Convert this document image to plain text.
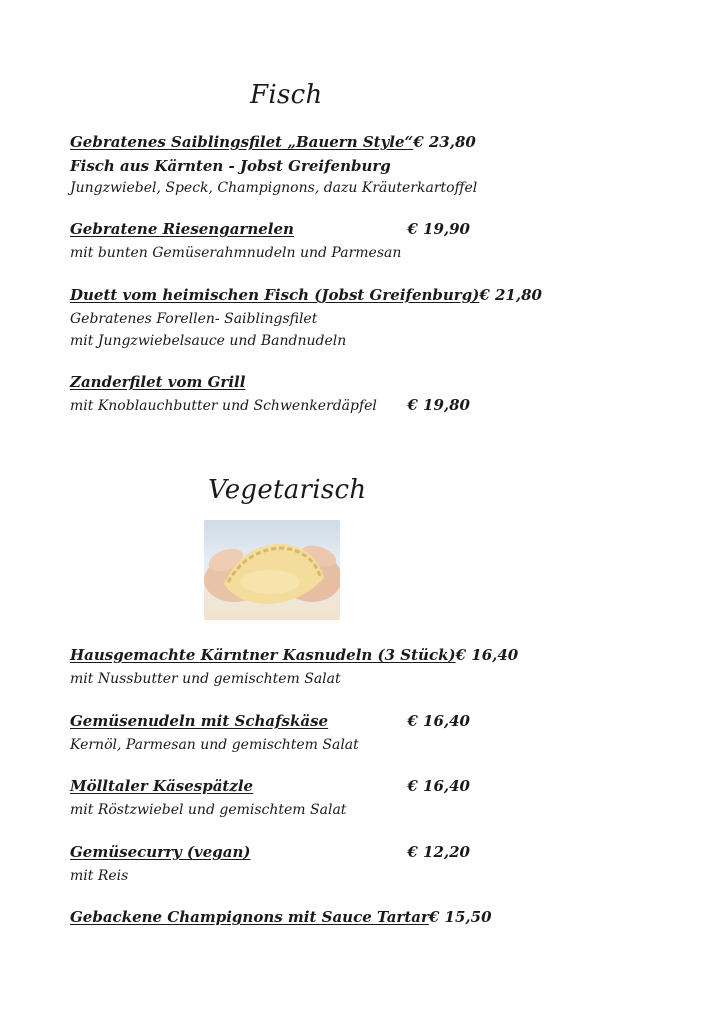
Fisch
Gebratenes Saiblingsfilet „Bauern Style“ € 23,80
Fisch aus Kärnten - Jobst Greifenburg
Jungzwiebel, Speck, Champignons, dazu Kräuterkartoffel
Gebratene Riesengarnelen	€ 19,90
mit bunten Gemüserahmnudeln und Parmesan
Duett vom heimischen Fisch (Jobst Greifenburg) € 21,80
Gebratenes Forellen- Saiblingsfilet
mit Jungzwiebelsauce und Bandnudeln
Zanderfilet vom Grill
mit Knoblauchbutter und Schwenkerdäpfel € 19,80
Vegetarisch
Hausgemachte Kärntner Kasnudeln (3 Stück) € 16,40
mit Nussbutter und gemischtem Salat
Gemüsenudeln mit Schafskäse	€ 16,40
Kernöl, Parmesan und gemischtem Salat
Mölltaler Käsespätzle	€ 16,40
mit Röstzwiebel und gemischtem Salat
Gemüsecurry (vegan)	€ 12,20
mit Reis
Gebackene Champignons mit Sauce Tartar € 15,50
